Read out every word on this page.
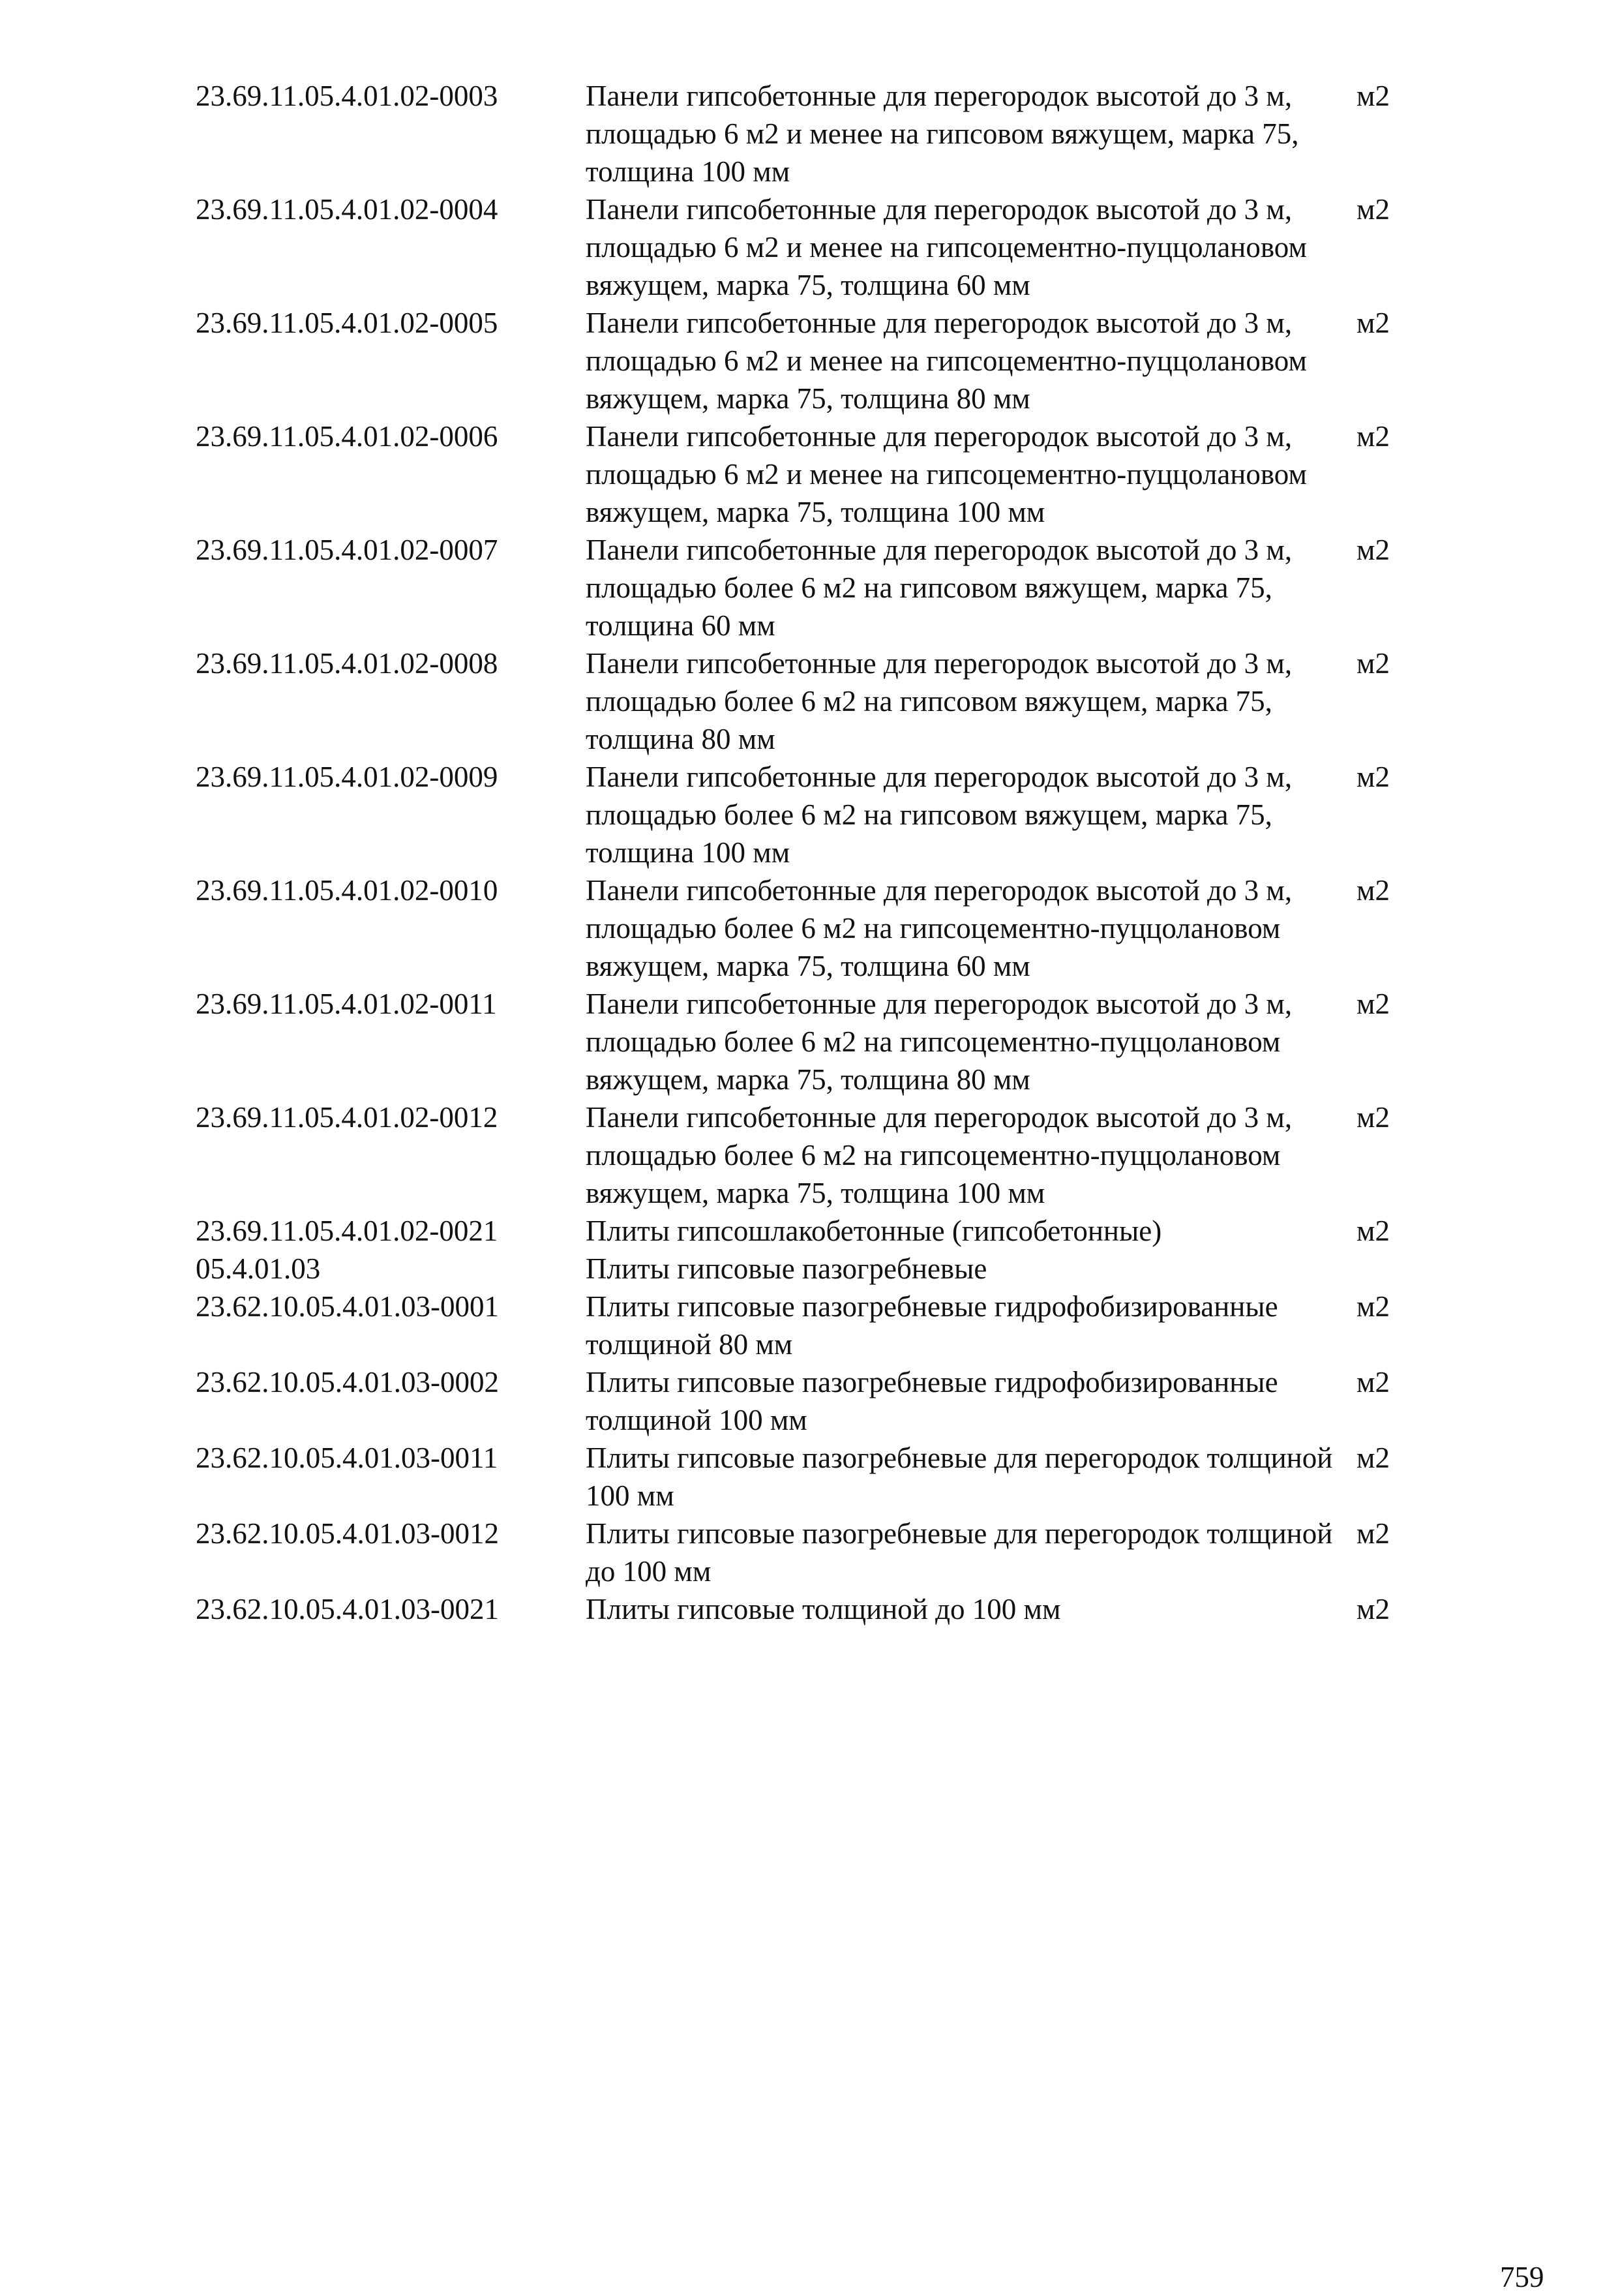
23.69.11.05.4.01.02-0003	Панели гипсобетонные для перегородок высотой до 3 м, площадью 6 м2 и менее на гипсовом вяжущем, марка 75, толщина 100 мм	м2
23.69.11.05.4.01.02-0004	Панели гипсобетонные для перегородок высотой до 3 м, площадью 6 м2 и менее на гипсоцементно-пуццолановом вяжущем, марка 75, толщина 60 мм	м2
23.69.11.05.4.01.02-0005	Панели гипсобетонные для перегородок высотой до 3 м, площадью 6 м2 и менее на гипсоцементно-пуццолановом вяжущем, марка 75, толщина 80 мм	м2
23.69.11.05.4.01.02-0006	Панели гипсобетонные для перегородок высотой до 3 м, площадью 6 м2 и менее на гипсоцементно-пуццолановом вяжущем, марка 75, толщина 100 мм	м2
23.69.11.05.4.01.02-0007	Панели гипсобетонные для перегородок высотой до 3 м, площадью более 6 м2 на гипсовом вяжущем, марка 75, толщина 60 мм	м2
23.69.11.05.4.01.02-0008	Панели гипсобетонные для перегородок высотой до 3 м, площадью более 6 м2 на гипсовом вяжущем, марка 75, толщина 80 мм	м2
23.69.11.05.4.01.02-0009	Панели гипсобетонные для перегородок высотой до 3 м, площадью более 6 м2 на гипсовом вяжущем, марка 75, толщина 100 мм	м2
23.69.11.05.4.01.02-0010	Панели гипсобетонные для перегородок высотой до 3 м, площадью более 6 м2 на гипсоцементно-пуццолановом вяжущем, марка 75, толщина 60 мм	м2
23.69.11.05.4.01.02-0011	Панели гипсобетонные для перегородок высотой до 3 м, площадью более 6 м2 на гипсоцементно-пуццолановом вяжущем, марка 75, толщина 80 мм	м2
23.69.11.05.4.01.02-0012	Панели гипсобетонные для перегородок высотой до 3 м, площадью более 6 м2 на гипсоцементно-пуццолановом вяжущем, марка 75, толщина 100 мм	м2
23.69.11.05.4.01.02-0021	Плиты гипсошлакобетонные (гипсобетонные)	м2
05.4.01.03	Плиты гипсовые пазогребневые	
23.62.10.05.4.01.03-0001	Плиты гипсовые пазогребневые гидрофобизированные толщиной 80 мм	м2
23.62.10.05.4.01.03-0002	Плиты гипсовые пазогребневые гидрофобизированные толщиной 100 мм	м2
23.62.10.05.4.01.03-0011	Плиты гипсовые пазогребневые для перегородок толщиной 100 мм	м2
23.62.10.05.4.01.03-0012	Плиты гипсовые пазогребневые для перегородок толщиной до 100 мм	м2
23.62.10.05.4.01.03-0021	Плиты гипсовые толщиной до 100 мм	м2
759
